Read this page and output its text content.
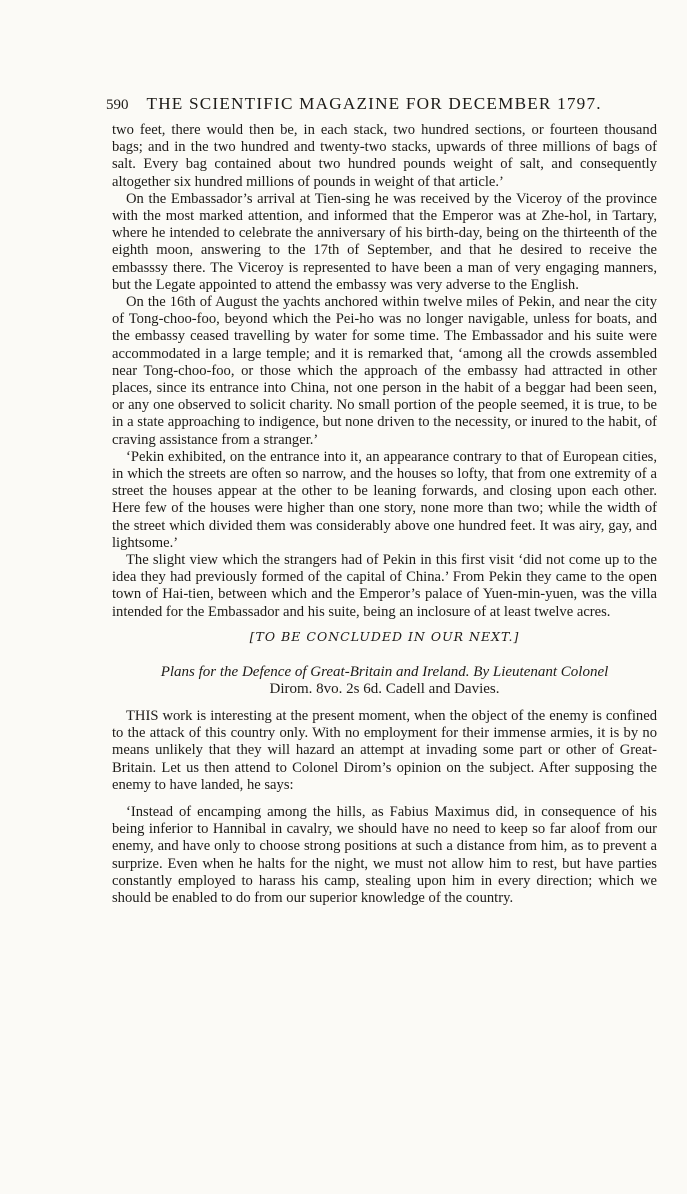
590 THE SCIENTIFIC MAGAZINE FOR DECEMBER 1797.

two feet, there would then be, in each stack, two hundred sections, or fourteen thousand bags; and in the two hundred and twenty-two stacks, upwards of three millions of bags of salt. Every bag contained about two hundred pounds weight of salt, and consequently altogether six hundred millions of pounds in weight of that article.’

On the Embassador’s arrival at Tien-sing he was received by the Viceroy of the province with the most marked attention, and informed that the Emperor was at Zhe-hol, in Tartary, where he intended to celebrate the anniversary of his birth-day, being on the thirteenth of the eighth moon, answering to the 17th of September, and that he desired to receive the embasssy there. The Viceroy is represented to have been a man of very engaging manners, but the Legate appointed to attend the embassy was very adverse to the English.

On the 16th of August the yachts anchored within twelve miles of Pekin, and near the city of Tong-choo-foo, beyond which the Pei-ho was no longer navigable, unless for boats, and the embassy ceased travelling by water for some time. The Embassador and his suite were accommodated in a large temple; and it is remarked that, ‘among all the crowds assembled near Tong-choo-foo, or those which the approach of the embassy had attracted in other places, since its entrance into China, not one person in the habit of a beggar had been seen, or any one observed to solicit charity. No small portion of the people seemed, it is true, to be in a state approaching to indigence, but none driven to the necessity, or inured to the habit, of craving assistance from a stranger.’

‘Pekin exhibited, on the entrance into it, an appearance contrary to that of European cities, in which the streets are often so narrow, and the houses so lofty, that from one extremity of a street the houses appear at the other to be leaning forwards, and closing upon each other. Here few of the houses were higher than one story, none more than two; while the width of the street which divided them was considerably above one hundred feet. It was airy, gay, and lightsome.’

The slight view which the strangers had of Pekin in this first visit ‘did not come up to the idea they had previously formed of the capital of China.’ From Pekin they came to the open town of Hai-tien, between which and the Emperor’s palace of Yuen-min-yuen, was the villa intended for the Embassador and his suite, being an inclosure of at least twelve acres.

[TO BE CONCLUDED IN OUR NEXT.]
Plans for the Defence of Great-Britain and Ireland. By Lieutenant Colonel
Dirom. 8vo. 2s 6d. Cadell and Davies.

THIS work is interesting at the present moment, when the object of the enemy is confined to the attack of this country only. With no employment for their immense armies, it is by no means unlikely that they will hazard an attempt at invading some part or other of Great-Britain. Let us then attend to Colonel Dirom’s opinion on the subject. After supposing the enemy to have landed, he says:

‘Instead of encamping among the hills, as Fabius Maximus did, in consequence of his being inferior to Hannibal in cavalry, we should have no need to keep so far aloof from our enemy, and have only to choose strong positions at such a distance from him, as to prevent a surprize. Even when he halts for the night, we must not allow him to rest, but have parties constantly employed to harass his camp, stealing upon him in every direction; which we should be enabled to do from our superior knowledge of the country.
